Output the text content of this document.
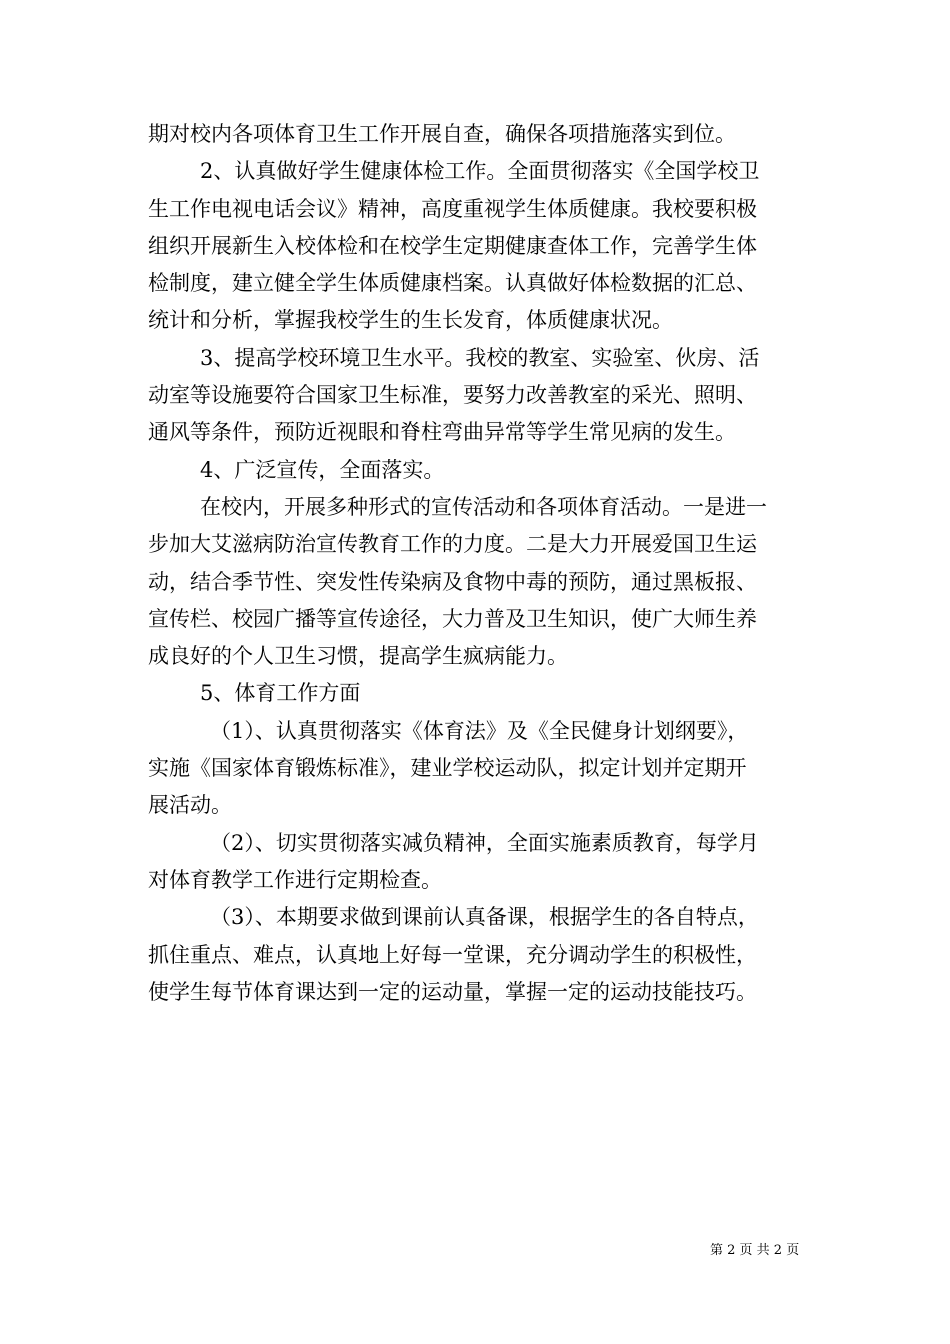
期对校内各项体育卫生工作开展自查，确保各项措施落实到位。
2、认真做好学生健康体检工作。全面贯彻落实《全国学校卫
生工作电视电话会议》精神，高度重视学生体质健康。我校要积极
组织开展新生入校体检和在校学生定期健康查体工作，完善学生体
检制度，建立健全学生体质健康档案。认真做好体检数据的汇总、
统计和分析，掌握我校学生的生长发育，体质健康状况。
3、提高学校环境卫生水平。我校的教室、实验室、伙房、活
动室等设施要符合国家卫生标准，要努力改善教室的采光、照明、
通风等条件，预防近视眼和脊柱弯曲异常等学生常见病的发生。
4、广泛宣传，全面落实。
在校内，开展多种形式的宣传活动和各项体育活动。一是进一
步加大艾滋病防治宣传教育工作的力度。二是大力开展爱国卫生运
动，结合季节性、突发性传染病及食物中毒的预防，通过黑板报、
宣传栏、校园广播等宣传途径，大力普及卫生知识，使广大师生养
成良好的个人卫生习惯，提高学生疯病能力。
5、体育工作方面
（1）、认真贯彻落实《体育法》及《全民健身计划纲要》，
实施《国家体育锻炼标准》，建业学校运动队，拟定计划并定期开
展活动。
（2）、切实贯彻落实减负精神，全面实施素质教育，每学月
对体育教学工作进行定期检查。
（3）、本期要求做到课前认真备课，根据学生的各自特点，
抓住重点、难点，认真地上好每一堂课，充分调动学生的积极性，
使学生每节体育课达到一定的运动量，掌握一定的运动技能技巧。
第 2 页 共 2 页
